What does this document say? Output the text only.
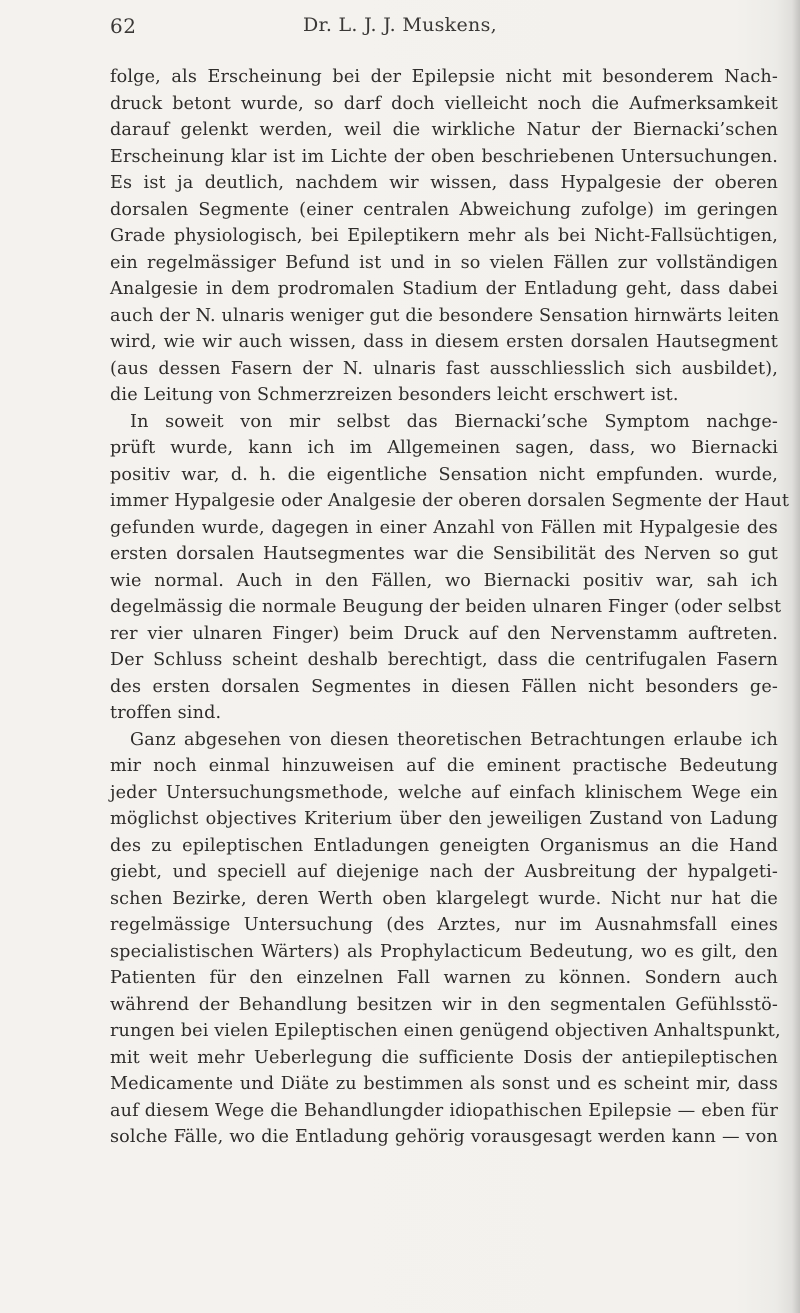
62	Dr. L. J. J. Muskens,
folge, als Erscheinung bei der Epilepsie nicht mit besonderem Nach-
druck betont wurde, so darf doch vielleicht noch die Aufmerksamkeit
darauf gelenkt werden, weil die wirkliche Natur der Biernacki’schen
Erscheinung klar ist im Lichte der oben beschriebenen Untersuchungen.
Es ist ja deutlich, nachdem wir wissen, dass Hypalgesie der oberen
dorsalen Segmente (einer centralen Abweichung zufolge) im geringen
Grade physiologisch, bei Epileptikern mehr als bei Nicht-Fallsüchtigen,
ein regelmässiger Befund ist und in so vielen Fällen zur vollständigen
Analgesie in dem prodromalen Stadium der Entladung geht, dass dabei
auch der N. ulnaris weniger gut die besondere Sensation hirnwärts leiten
wird, wie wir auch wissen, dass in diesem ersten dorsalen Hautsegment
(aus dessen Fasern der N. ulnaris fast ausschliesslich sich ausbildet),
die Leitung von Schmerzreizen besonders leicht erschwert ist.
In soweit von mir selbst das Biernacki’sche Symptom nachge-
prüft wurde, kann ich im Allgemeinen sagen, dass, wo Biernacki
positiv war, d. h. die eigentliche Sensation nicht empfunden. wurde,
immer Hypalgesie oder Analgesie der oberen dorsalen Segmente der Haut
gefunden wurde, dagegen in einer Anzahl von Fällen mit Hypalgesie des
ersten dorsalen Hautsegmentes war die Sensibilität des Nerven so gut
wie normal. Auch in den Fällen, wo Biernacki positiv war, sah ich
degelmässig die normale Beugung der beiden ulnaren Finger (oder selbst
rer vier ulnaren Finger) beim Druck auf den Nervenstamm auftreten.
Der Schluss scheint deshalb berechtigt, dass die centrifugalen Fasern
des ersten dorsalen Segmentes in diesen Fällen nicht besonders ge-
troffen sind.
Ganz abgesehen von diesen theoretischen Betrachtungen erlaube ich
mir noch einmal hinzuweisen auf die eminent practische Bedeutung
jeder Untersuchungsmethode, welche auf einfach klinischem Wege ein
möglichst objectives Kriterium über den jeweiligen Zustand von Ladung
des zu epileptischen Entladungen geneigten Organismus an die Hand
giebt, und speciell auf diejenige nach der Ausbreitung der hypalgeti-
schen Bezirke, deren Werth oben klargelegt wurde. Nicht nur hat die
regelmässige Untersuchung (des Arztes, nur im Ausnahmsfall eines
specialistischen Wärters) als Prophylacticum Bedeutung, wo es gilt, den
Patienten für den einzelnen Fall warnen zu können. Sondern auch
während der Behandlung besitzen wir in den segmentalen Gefühlsstö-
rungen bei vielen Epileptischen einen genügend objectiven Anhaltspunkt,
mit weit mehr Ueberlegung die sufficiente Dosis der antiepileptischen
Medicamente und Diäte zu bestimmen als sonst und es scheint mir, dass
auf diesem Wege die Behandlungder idiopathischen Epilepsie — eben für
solche Fälle, wo die Entladung gehörig vorausgesagt werden kann — von
